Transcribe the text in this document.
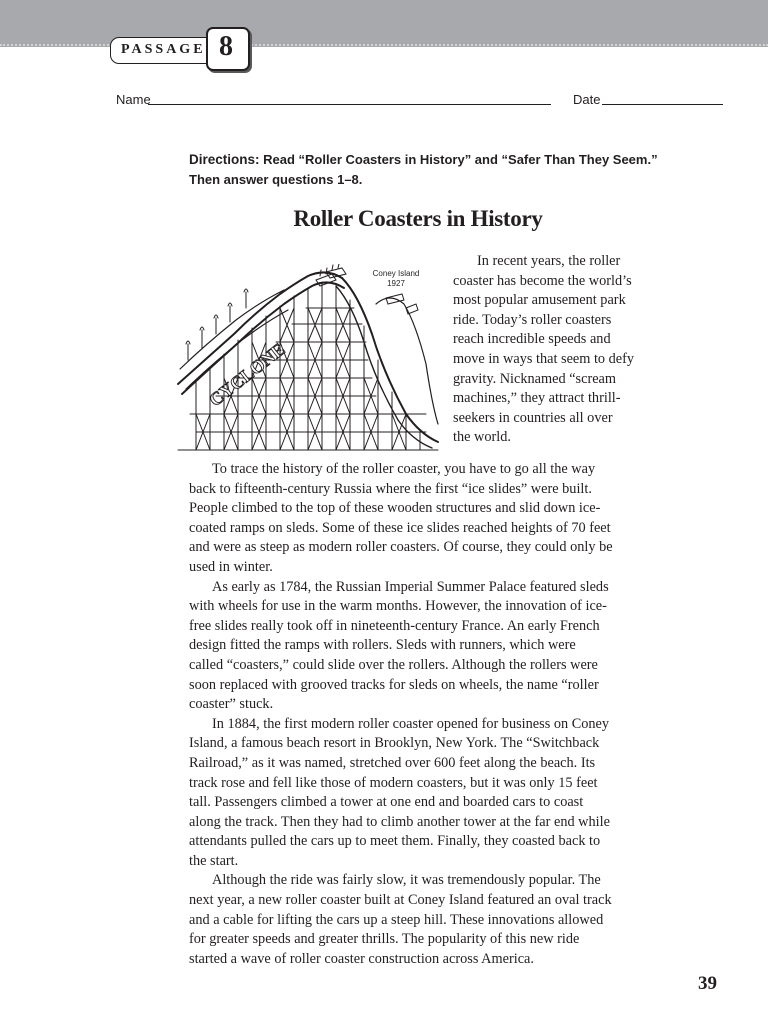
PASSAGE 8
Name	Date
Directions: Read “Roller Coasters in History” and “Safer Than They Seem.” Then answer questions 1–8.
Roller Coasters in History
CYCLONE
Coney Island
1927
In recent years, the roller
coaster has become the world’s
most popular amusement park
ride. Today’s roller coasters
reach incredible speeds and
move in ways that seem to defy
gravity. Nicknamed “scream
machines,” they attract thrill-
seekers in countries all over
the world.
To trace the history of the roller coaster, you have to go all the way
back to fifteenth-century Russia where the first “ice slides” were built.
People climbed to the top of these wooden structures and slid down ice-
coated ramps on sleds. Some of these ice slides reached heights of 70 feet
and were as steep as modern roller coasters. Of course, they could only be
used in winter.
As early as 1784, the Russian Imperial Summer Palace featured sleds
with wheels for use in the warm months. However, the innovation of ice-
free slides really took off in nineteenth-century France. An early French
design fitted the ramps with rollers. Sleds with runners, which were
called “coasters,” could slide over the rollers. Although the rollers were
soon replaced with grooved tracks for sleds on wheels, the name “roller
coaster” stuck.
In 1884, the first modern roller coaster opened for business on Coney
Island, a famous beach resort in Brooklyn, New York. The “Switchback
Railroad,” as it was named, stretched over 600 feet along the beach. Its
track rose and fell like those of modern coasters, but it was only 15 feet
tall. Passengers climbed a tower at one end and boarded cars to coast
along the track. Then they had to climb another tower at the far end while
attendants pulled the cars up to meet them. Finally, they coasted back to
the start.
Although the ride was fairly slow, it was tremendously popular. The
next year, a new roller coaster built at Coney Island featured an oval track
and a cable for lifting the cars up a steep hill. These innovations allowed
for greater speeds and greater thrills. The popularity of this new ride
started a wave of roller coaster construction across America.
39
